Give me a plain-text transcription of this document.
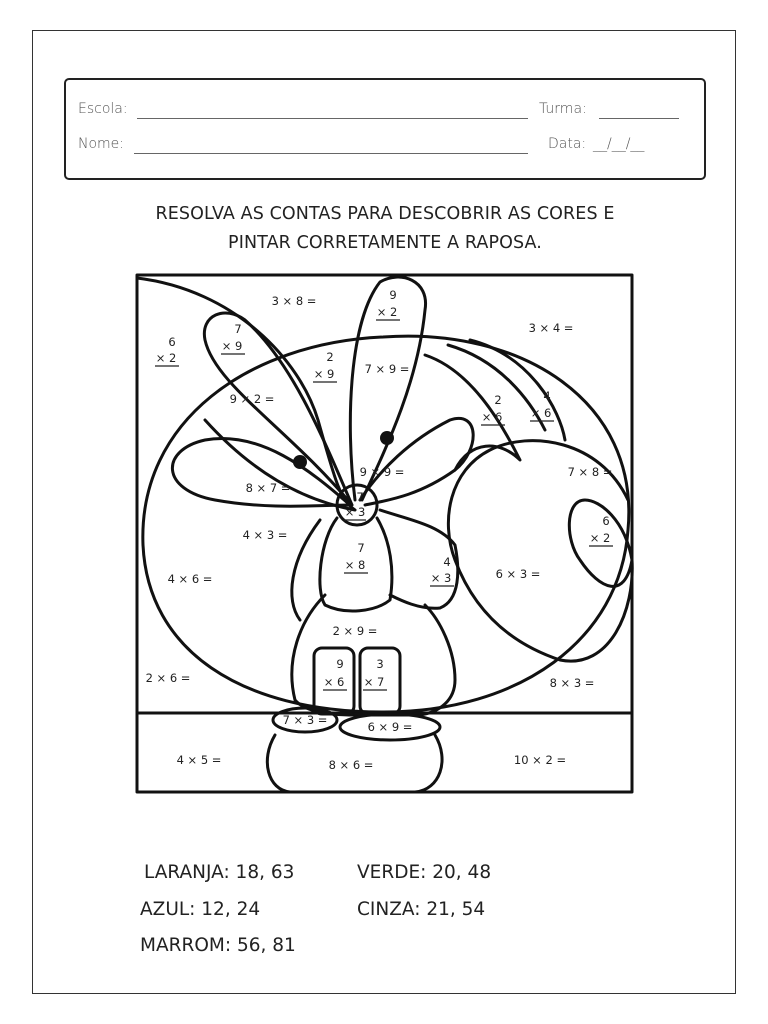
Escola:	Turma:
Nome:	Data: __/__/__
RESOLVA AS CONTAS PARA DESCOBRIR AS CORES E
PINTAR CORRETAMENTE A RAPOSA.
3 × 8 =	9
× 2
3 × 4 =
6
× 2
7
× 9
2
× 9	7 × 9 =
9 × 2 =	2
× 6
4
× 6
9 × 9 =
8 × 7 =
7 × 8 =
7
× 3
6
× 2
4 × 3 =
7
× 8	4
× 3	6 × 3 =
4 × 6 =
2 × 9 =
9
× 6
3
× 7
2 × 6 =	8 × 3 =
7 × 3 =	6 × 9 =
4 × 5 =	8 × 6 =	10 × 2 =
LARANJA: 18, 63	VERDE: 20, 48
AZUL: 12, 24	CINZA: 21, 54
MARROM: 56, 81
